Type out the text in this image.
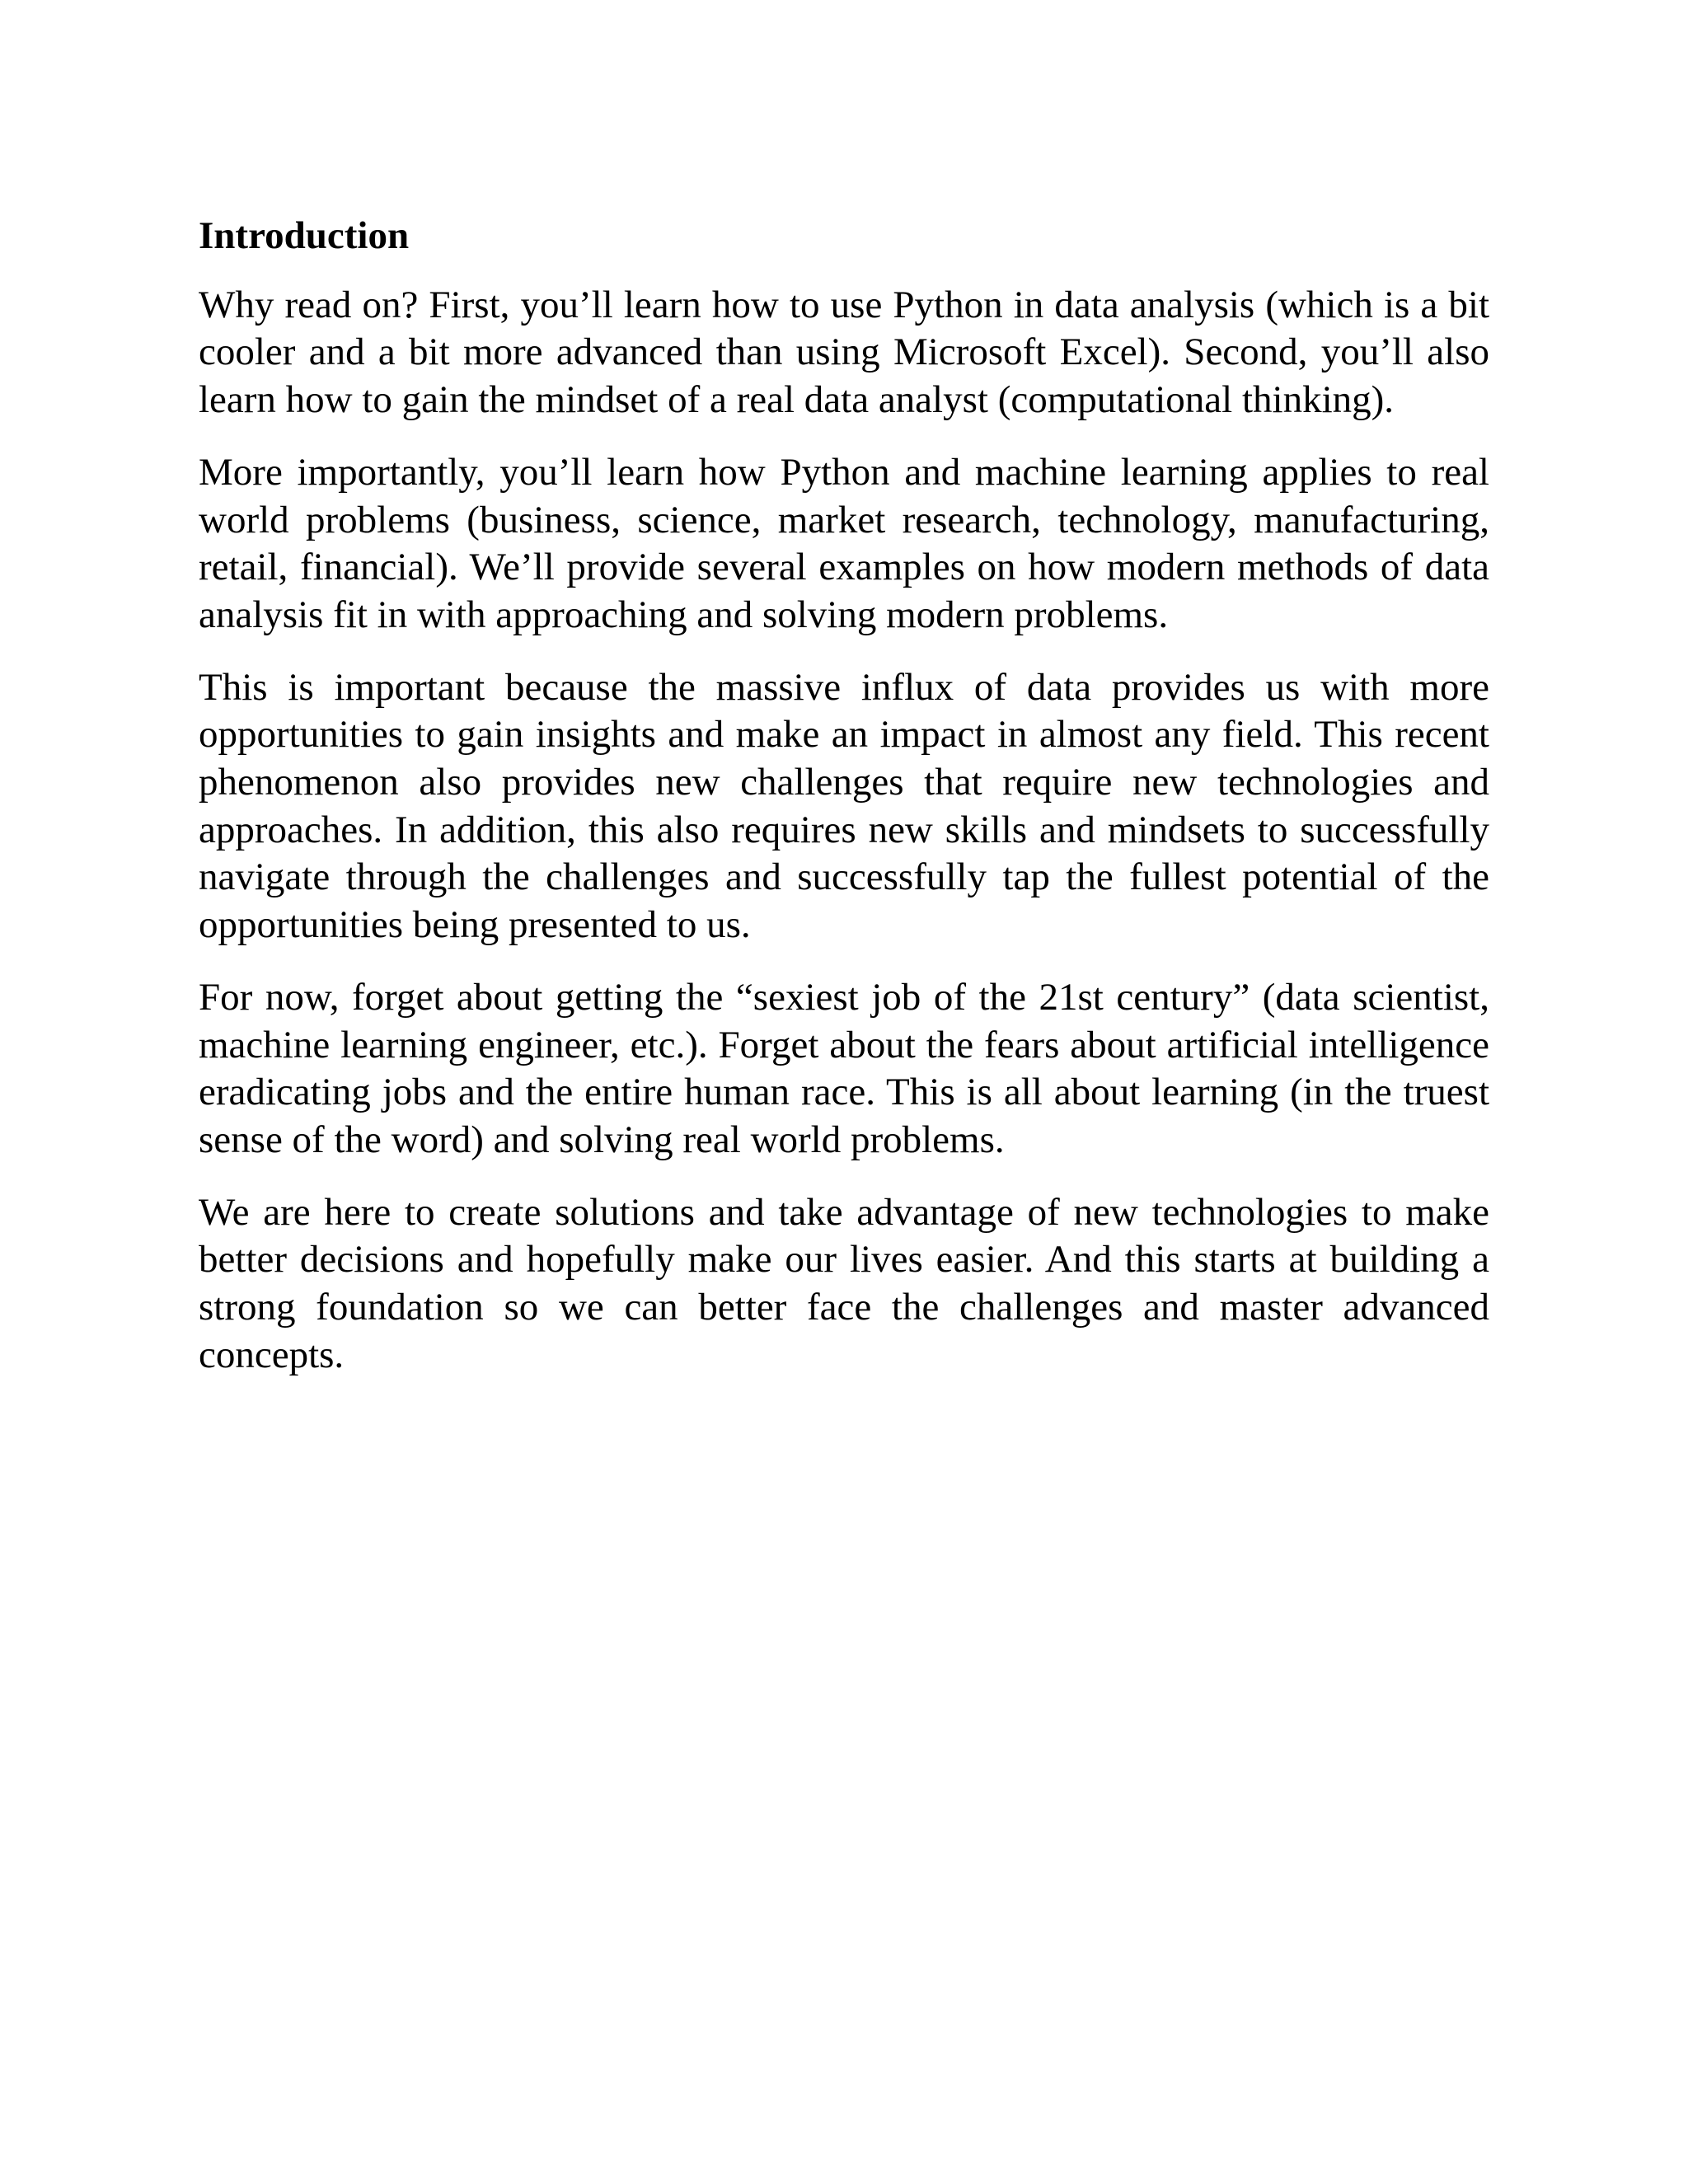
Introduction

Why read on? First, you’ll learn how to use Python in data analysis (which is a bit cooler and a bit more advanced than using Microsoft Excel). Second, you’ll also learn how to gain the mindset of a real data analyst (computational thinking).

More importantly, you’ll learn how Python and machine learning applies to real world problems (business, science, market research, technology, manufacturing, retail, financial). We’ll provide several examples on how modern methods of data analysis fit in with approaching and solving modern problems.

This is important because the massive influx of data provides us with more opportunities to gain insights and make an impact in almost any field. This recent phenomenon also provides new challenges that require new technologies and approaches. In addition, this also requires new skills and mindsets to successfully navigate through the challenges and successfully tap the fullest potential of the opportunities being presented to us.

For now, forget about getting the “sexiest job of the 21st century” (data scientist, machine learning engineer, etc.). Forget about the fears about artificial intelligence eradicating jobs and the entire human race. This is all about learning (in the truest sense of the word) and solving real world problems.

We are here to create solutions and take advantage of new technologies to make better decisions and hopefully make our lives easier. And this starts at building a strong foundation so we can better face the challenges and master advanced concepts.
